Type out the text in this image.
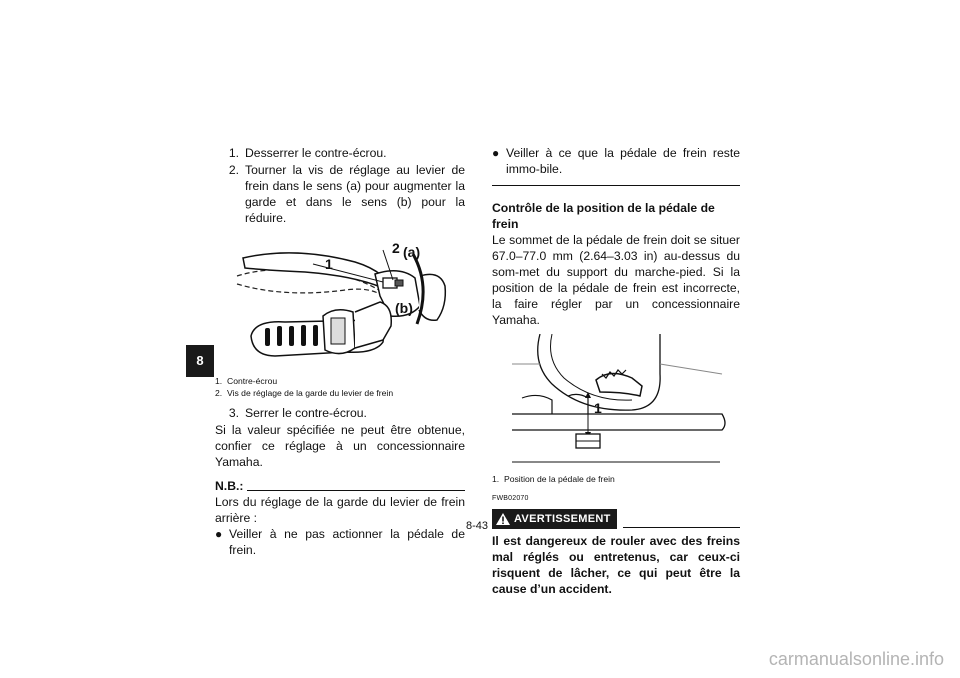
8
1. Desserrer le contre-écrou.
2. Tourner la vis de réglage au levier de frein dans le sens (a) pour augmenter la garde et dans le sens (b) pour la réduire.
1
2 (a)
(b)
1. Contre-écrou
2. Vis de réglage de la garde du levier de frein
3. Serrer le contre-écrou.

Si la valeur spécifiée ne peut être obtenue, confier ce réglage à un concessionnaire Yamaha.

N.B.:

Lors du réglage de la garde du levier de frein arrière :

● Veiller à ne pas actionner la pédale de frein.
● Veiller à ce que la pédale de frein reste immo-bile.
Contrôle de la position de la pédale de frein

Le sommet de la pédale de frein doit se situer 67.0–77.0 mm (2.64–3.03 in) au-dessus du som-met du support du marche-pied. Si la position de la pédale de frein est incorrecte, la faire régler par un concessionnaire Yamaha.

1
1. Position de la pédale de frein
FWB02070
AVERTISSEMENT
Il est dangereux de rouler avec des freins mal réglés ou entretenus, car ceux-ci risquent de lâcher, ce qui peut être la cause d’un accident.
8-43
carmanualsonline.info
